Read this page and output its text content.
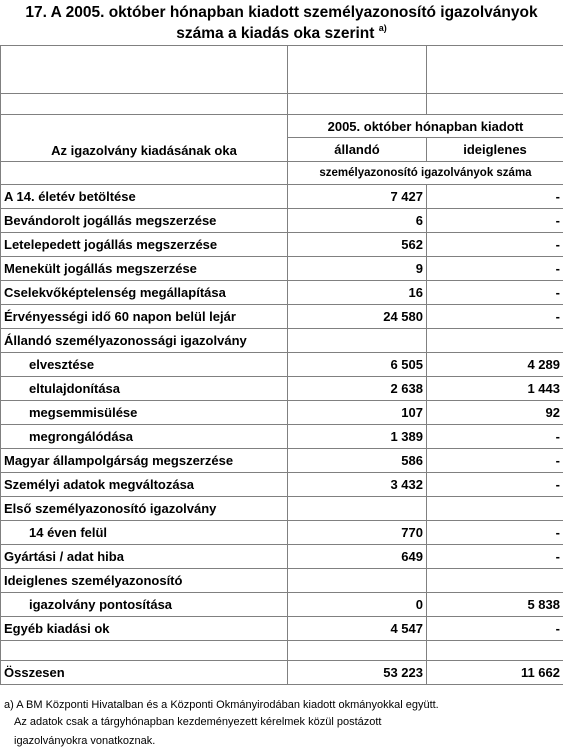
17. A 2005. október hónapban kiadott személyazonosító igazolványok
száma a kiadás oka szerint $^{a)}$

Az igazolvány kiadásának oka	2005. október hónapban kiadott	
	állandó	ideiglenes
	személyazonosító igazolványok száma	
A 14. életév betöltése	7 427	-
Bevándorolt jogállás megszerzése	6	-
Letelepedett jogállás megszerzése	562	-
Menekült jogállás megszerzése	9	-
Cselekvőképtelenség megállapítása	16	-
Érvényességi idő 60 napon belül lejár	24 580	-
Állandó személyazonossági igazolvány		
elvesztése	6 505	4 289
eltulajdonítása	2 638	1 443
megsemmisülése	107	92
megrongálódása	1 389	-
Magyar állampolgárság megszerzése	586	-
Személyi adatok megváltozása	3 432	-
Első személyazonosító igazolvány		
14 éven felül	770	-
Gyártási / adat hiba	649	-
Ideiglenes személyazonosító		
igazolvány pontosítása	0	5 838
Egyéb kiadási ok	4 547	-

Összesen	53 223	11 662
a) A BM Központi Hivatalban és a Központi Okmányirodában kiadott okmányokkal együtt.
Az adatok csak a tárgyhónapban kezdeményezett kérelmek közül postázott
igazolványokra vonatkoznak.
